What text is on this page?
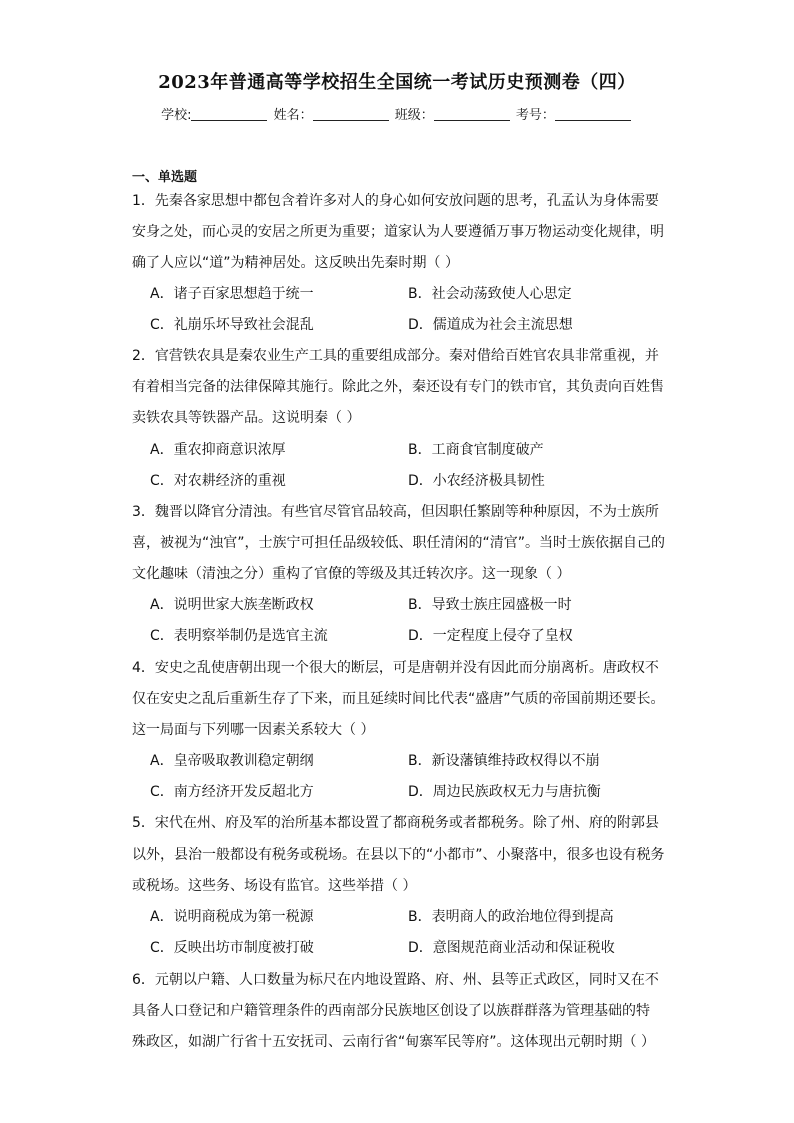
2023年普通高等学校招生全国统一考试历史预测卷（四）
学校:	姓名：	班级：	考号：
一、单选题
1．先秦各家思想中都包含着许多对人的身心如何安放问题的思考，孔孟认为身体需要
安身之处，而心灵的安居之所更为重要；道家认为人要遵循万事万物运动变化规律，明
确了人应以“道”为精神居处。这反映出先秦时期（ ）
A．诸子百家思想趋于统一	B．社会动荡致使人心思定
C．礼崩乐坏导致社会混乱	D．儒道成为社会主流思想
2．官营铁农具是秦农业生产工具的重要组成部分。秦对借给百姓官农具非常重视，并
有着相当完备的法律保障其施行。除此之外，秦还设有专门的铁市官，其负责向百姓售
卖铁农具等铁器产品。这说明秦（ ）
A．重农抑商意识浓厚	B．工商食官制度破产
C．对农耕经济的重视	D．小农经济极具韧性
3．魏晋以降官分清浊。有些官尽管官品较高，但因职任繁剧等种种原因，不为士族所
喜，被视为“浊官”，士族宁可担任品级较低、职任清闲的“清官”。当时士族依据自己的
文化趣味（清浊之分）重构了官僚的等级及其迁转次序。这一现象（ ）
A．说明世家大族垄断政权	B．导致士族庄园盛极一时
C．表明察举制仍是选官主流	D．一定程度上侵夺了皇权
4．安史之乱使唐朝出现一个很大的断层，可是唐朝并没有因此而分崩离析。唐政权不
仅在安史之乱后重新生存了下来，而且延续时间比代表“盛唐”气质的帝国前期还要长。
这一局面与下列哪一因素关系较大（ ）
A．皇帝吸取教训稳定朝纲	B．新设藩镇维持政权得以不崩
C．南方经济开发反超北方	D．周边民族政权无力与唐抗衡
5．宋代在州、府及军的治所基本都设置了都商税务或者都税务。除了州、府的附郭县
以外，县治一般都设有税务或税场。在县以下的“小都市”、小聚落中，很多也设有税务
或税场。这些务、场设有监官。这些举措（ ）
A．说明商税成为第一税源	B．表明商人的政治地位得到提高
C．反映出坊市制度被打破	D．意图规范商业活动和保证税收
6．元朝以户籍、人口数量为标尺在内地设置路、府、州、县等正式政区，同时又在不
具备人口登记和户籍管理条件的西南部分民族地区创设了以族群群落为管理基础的特
殊政区，如湖广行省十五安抚司、云南行省“甸寨军民等府”。这体现出元朝时期（ ）
